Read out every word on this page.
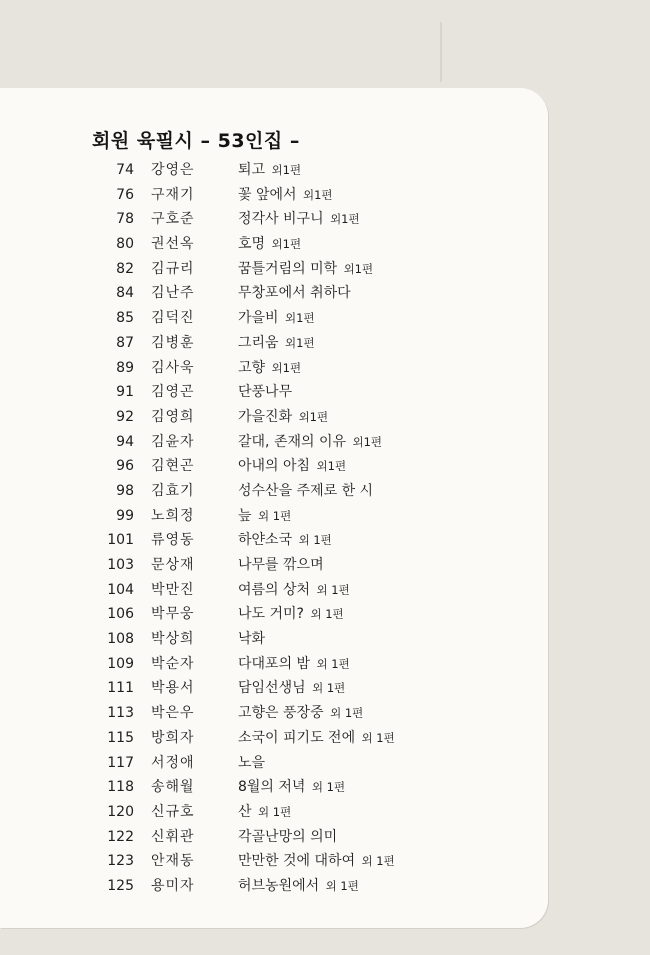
회원 육필시 – 53인집 –
74 강영은	퇴고 외1편
76 구재기	꽃 앞에서 외1편
78 구호준	정각사 비구니 외1편
80 권선옥	호명 외1편
82 김규리	꿈틀거림의 미학 외1편
84 김난주	무창포에서 취하다
85 김덕진	가을비 외1편
87 김병훈	그리움 외1편
89 김사욱	고향 외1편
91 김영곤	단풍나무
92 김영희	가을진화 외1편
94 김윤자	갈대, 존재의 이유 외1편
96 김현곤	아내의 아침 외1편
98 김효기	성수산을 주제로 한 시
99 노희정	늪 외 1편
101 류영동	하얀소국 외 1편
103 문상재	나무를 깎으며
104 박만진	여름의 상처 외 1편
106 박무웅	나도 거미? 외 1편
108 박상희	낙화
109 박순자	다대포의 밤 외 1편
111 박용서	담임선생님 외 1편
113 박은우	고향은 풍장중 외 1편
115 방희자	소국이 피기도 전에 외 1편
117 서정애	노을
118 송해월	8월의 저녁 외 1편
120 신규호	산 외 1편
122 신휘관	각골난망의 의미
123 안재동	만만한 것에 대하여 외 1편
125 용미자	허브농원에서 외 1편
